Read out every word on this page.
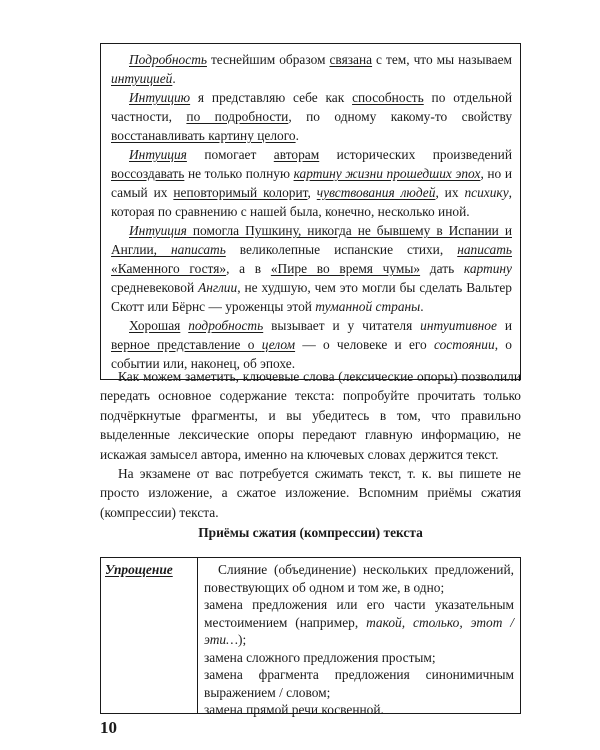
Подробность теснейшим образом связана с тем, что мы называем интуицией.

Интуицию я представляю себе как способность по отдельной частности, по подробности, по одному какому-то свойству восстанавливать картину целого.

Интуиция помогает авторам исторических произведений воссоздавать не только полную картину жизни прошедших эпох, но и самый их неповторимый колорит, чувствования людей, их психику, которая по сравнению с нашей была, конечно, несколько иной.

Интуиция помогла Пушкину, никогда не бывшему в Испании и Англии, написать великолепные испанские стихи, написать «Каменного гостя», а в «Пире во время чумы» дать картину средневековой Англии, не худшую, чем это могли бы сделать Вальтер Скотт или Бёрнс — уроженцы этой туманной страны.

Хорошая подробность вызывает и у читателя интуитивное и верное представление о целом — о человеке и его состоянии, о событии или, наконец, об эпохе.

Как можем заметить, ключевые слова (лексические опоры) позволили передать основное содержание текста: попробуйте прочитать только подчёркнутые фрагменты, и вы убедитесь в том, что правильно выделенные лексические опоры передают главную информацию, не искажая замысел автора, именно на ключевых словах держится текст.

На экзамене от вас потребуется сжимать текст, т. к. вы пишете не просто изложение, а сжатое изложение. Вспомним приёмы сжатия (компрессии) текста.

Приёмы сжатия (компрессии) текста
Упрощение	Слияние (объединение) нескольких предложений, повествующих об одном и том же, в одно;

замена предложения или его части указательным местоимением (например, такой, столько, этот /эти…);

замена сложного предложения простым;

замена фрагмента предложения синонимичным выражением / словом;

замена прямой речи косвенной.

10
